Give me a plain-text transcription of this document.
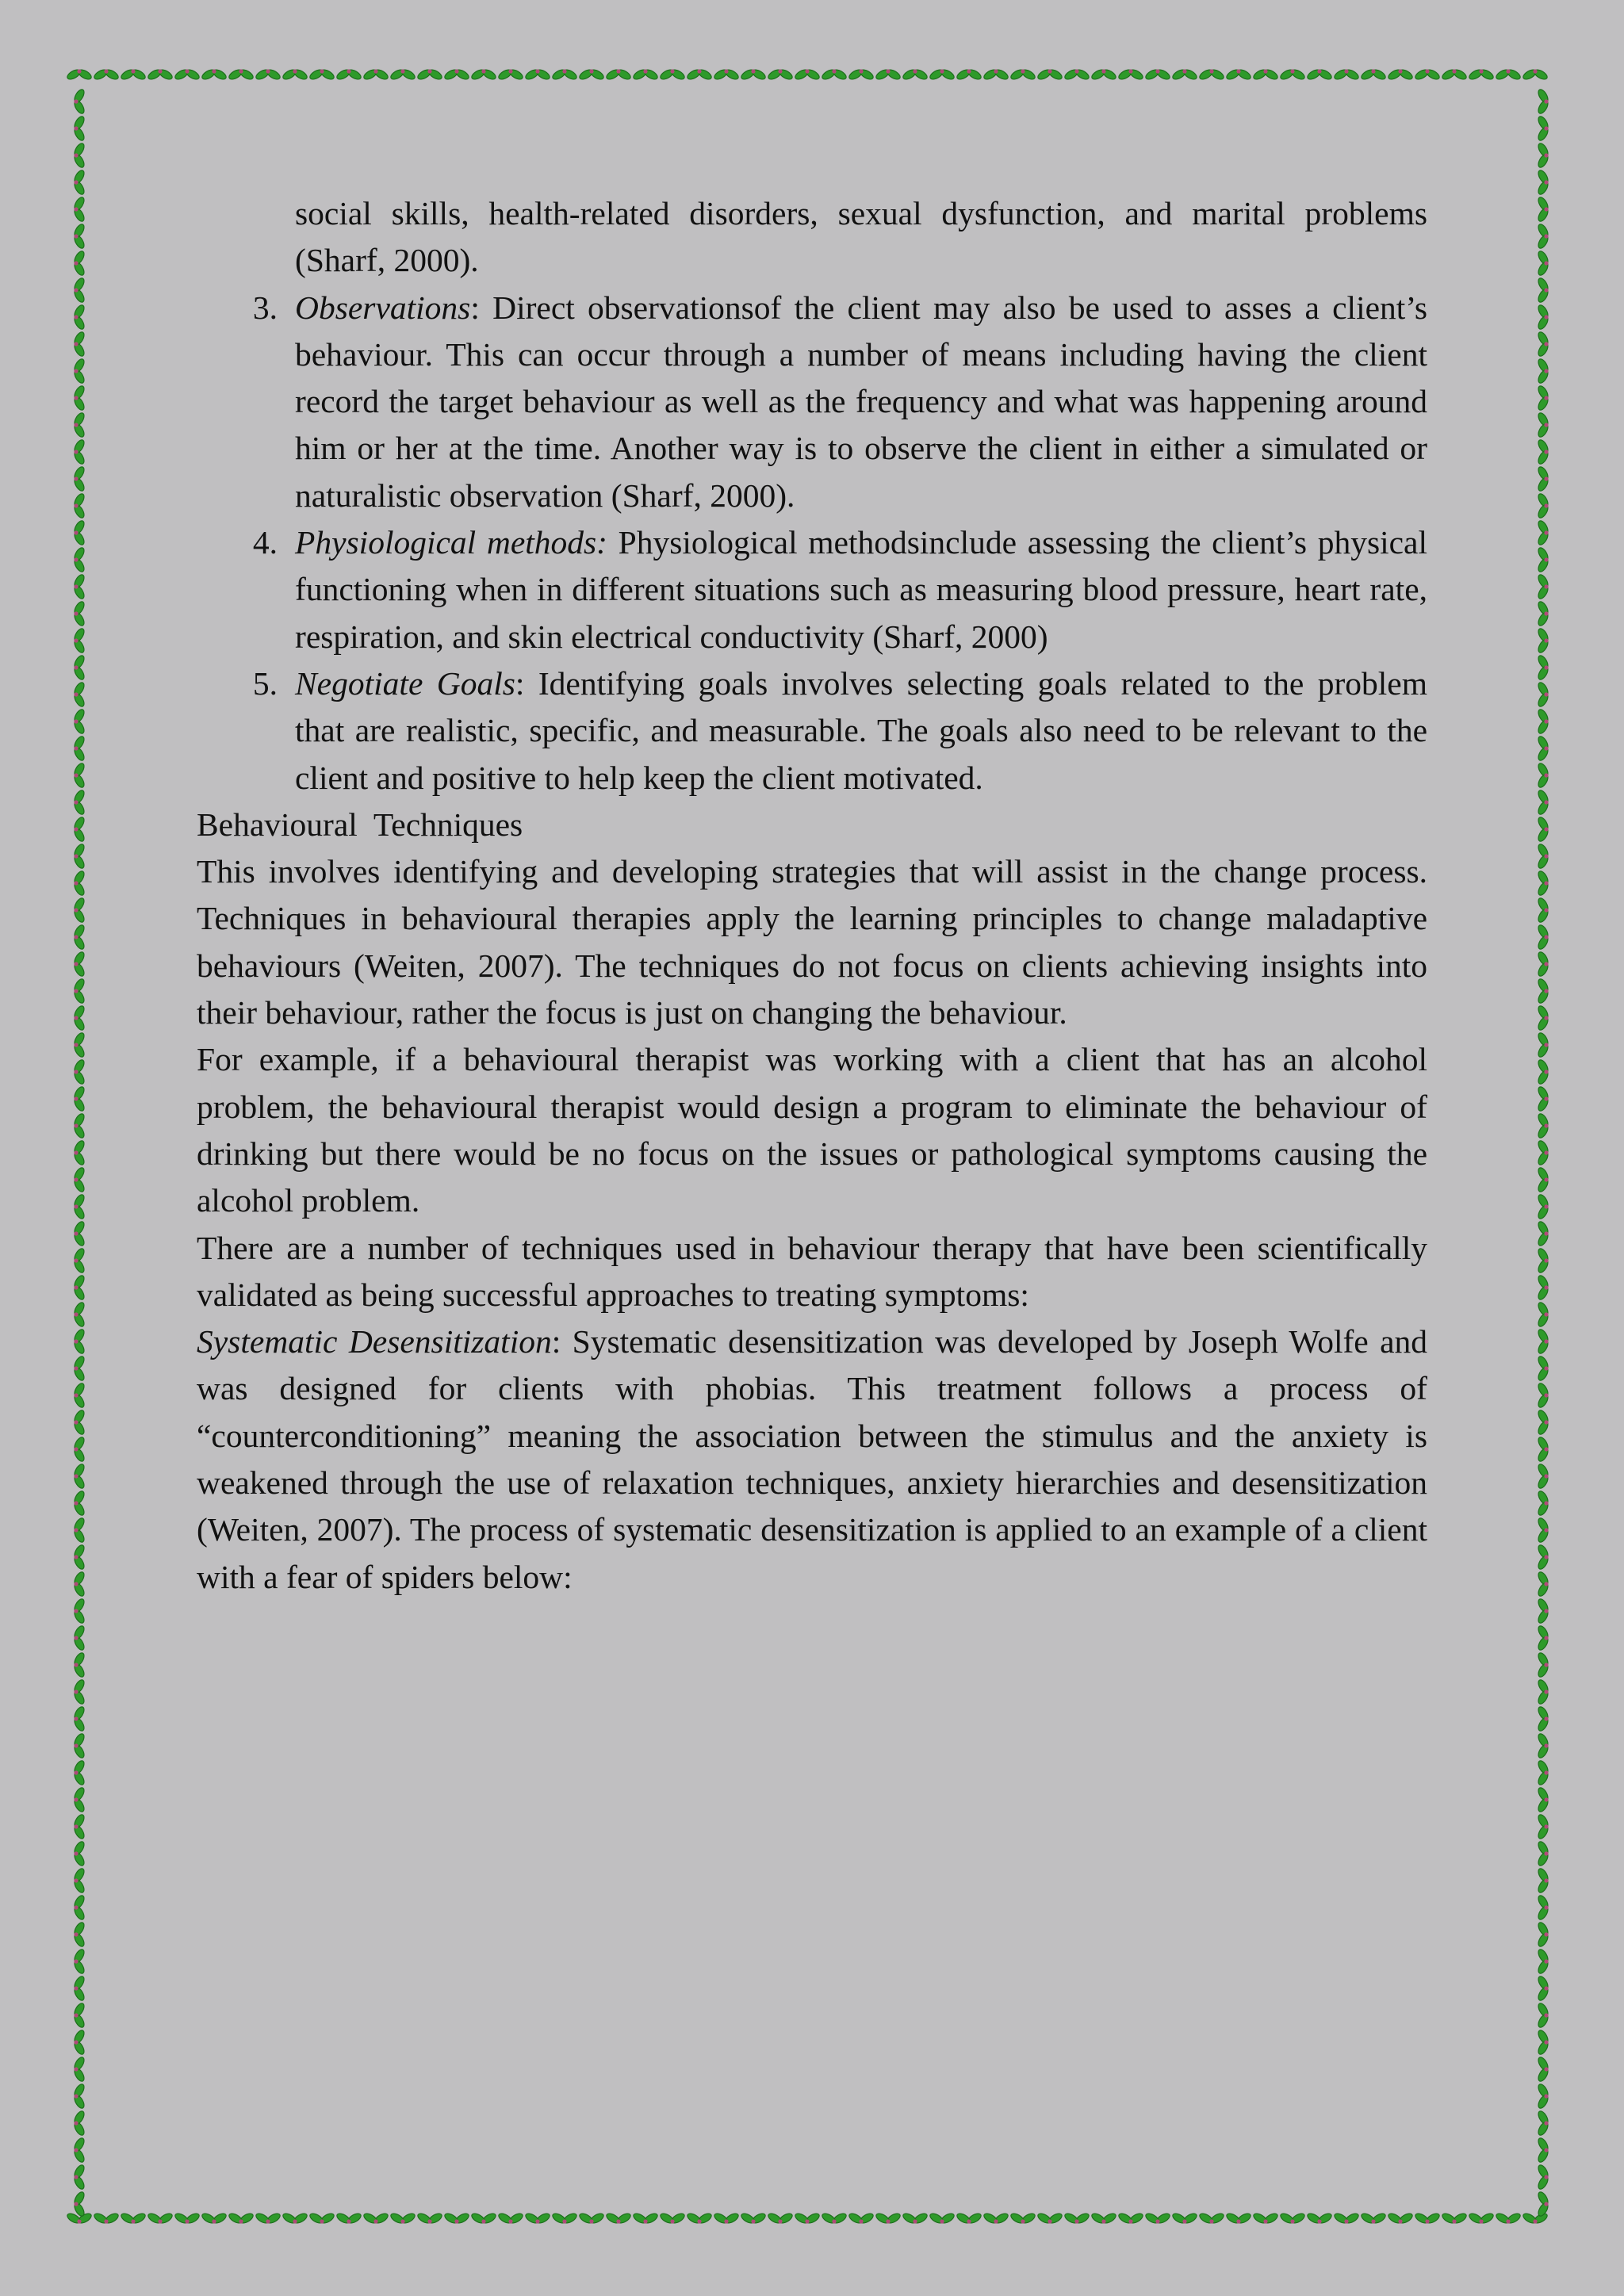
social skills, health-related disorders, sexual dysfunction, and marital problems (Sharf, 2000).

3. Observations: Direct observationsof the client may also be used to asses a client’s behaviour. This can occur through a number of means including having the client record the target behaviour as well as the frequency and what was happening around him or her at the time. Another way is to observe the client in either a simulated or naturalistic observation (Sharf, 2000).
4. Physiological methods: Physiological methodsinclude assessing the client’s physical functioning when in different situations such as measuring blood pressure, heart rate, respiration, and skin electrical conductivity (Sharf, 2000)
5. Negotiate Goals: Identifying goals involves selecting goals related to the problem that are realistic, specific, and measurable. The goals also need to be relevant to the client and positive to help keep the client motivated.

Behavioural  Techniques

This involves identifying and developing strategies that will assist in the change process. Techniques in behavioural therapies apply the learning principles to change maladaptive behaviours (Weiten, 2007). The techniques do not focus on clients achieving insights into their behaviour, rather the focus is just on changing the behaviour.

For example, if a behavioural therapist was working with a client that has an alcohol problem, the behavioural therapist would design a program to eliminate the behaviour of drinking but there would be no focus on the issues or pathological symptoms causing the alcohol problem.

There are a number of techniques used in behaviour therapy that have been scientifically validated as being successful approaches to treating symptoms:

Systematic Desensitization: Systematic desensitization was developed by Joseph Wolfe and was designed for clients with phobias. This treatment follows a process of “counterconditioning” meaning the association between the stimulus and the anxiety is weakened through the use of relaxation techniques, anxiety hierarchies and desensitization (Weiten, 2007). The process of systematic desensitization is applied to an example of a client with a fear of spiders below:
